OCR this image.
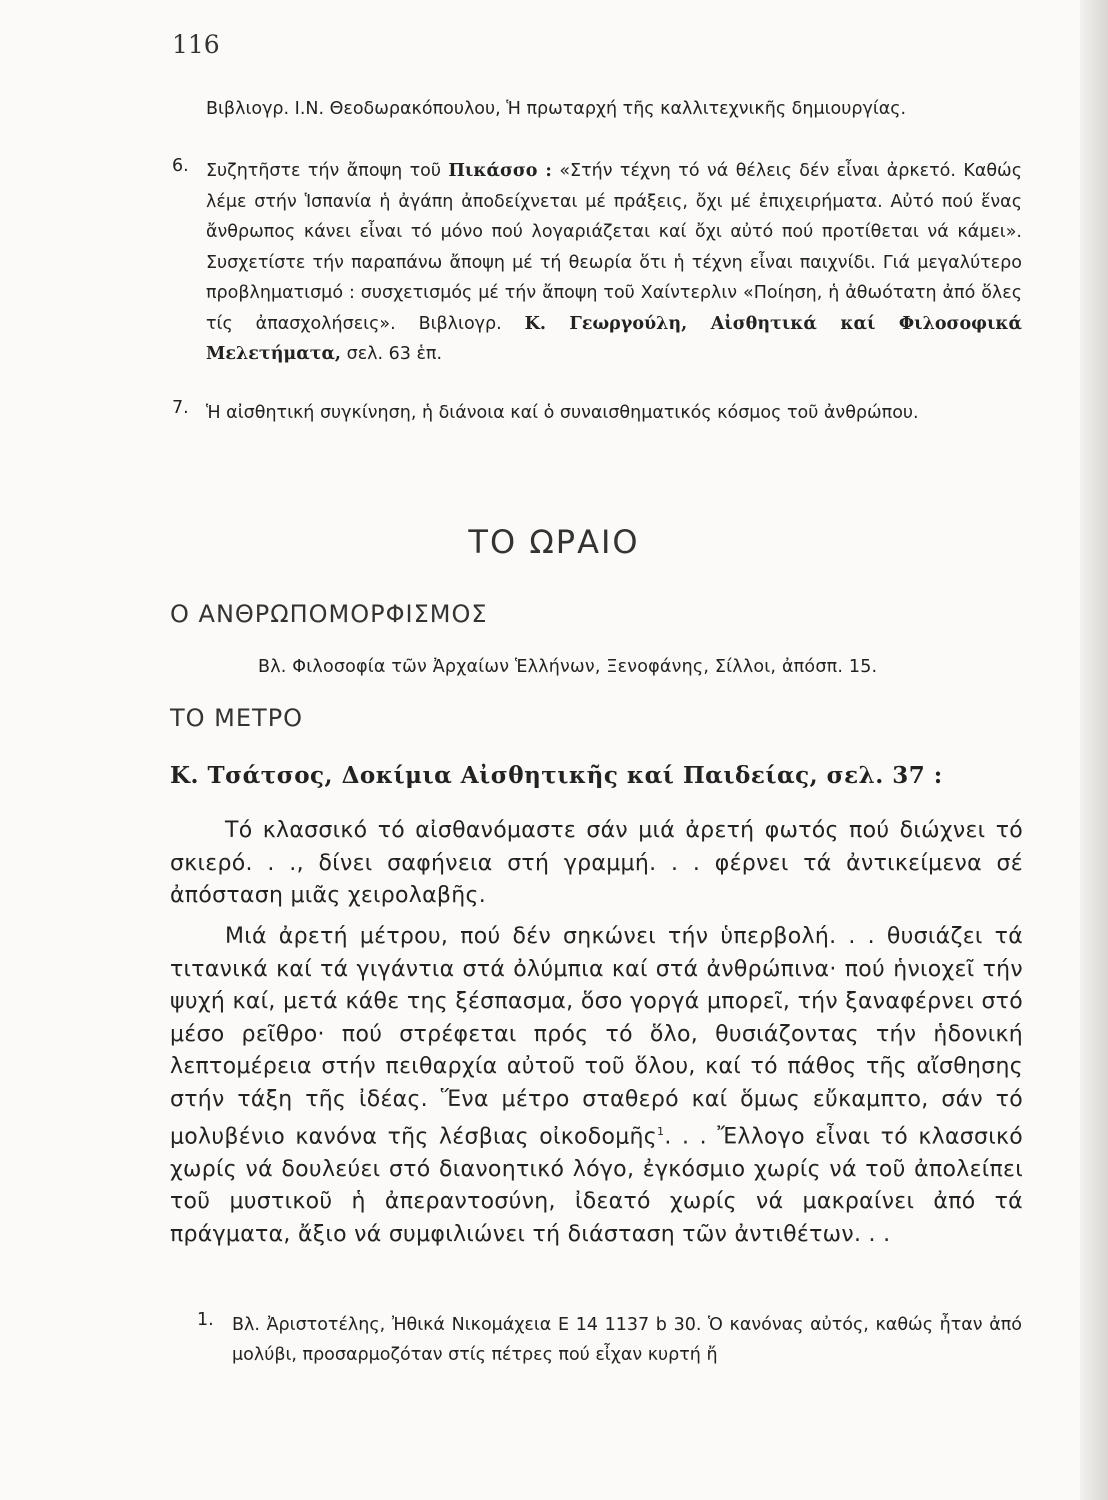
116
Βιβλιογρ. Ι.Ν. Θεοδωρακόπουλου, Ἡ πρωταρχή τῆς καλλιτεχνικῆς δημιουργίας.
6. Συζητῆστε τήν ἄποψη τοῦ Πικάσσο : «Στήν τέχνη τό νά θέλεις δέν εἶναι ἀρκετό. Καθώς λέμε στήν Ἱσπανία ἡ ἀγάπη ἀποδείχνεται μέ πράξεις, ὄχι μέ ἐπιχειρήματα. Αὐτό πού ἕνας ἄνθρωπος κάνει εἶναι τό μόνο πού λογαριάζεται καί ὄχι αὐτό πού προτίθεται νά κάμει». Συσχετίστε τήν παραπάνω ἄποψη μέ τή θεωρία ὅτι ἡ τέχνη εἶναι παιχνίδι. Γιά μεγαλύτερο προβληματισμό : συσχετισμός μέ τήν ἄποψη τοῦ Χαίντερλιν «Ποίηση, ἡ ἀθωότατη ἀπό ὅλες τίς ἀπασχολήσεις». Βιβλιογρ. Κ. Γεωργούλη, Αἰσθητικά καί Φιλοσοφικά Μελετήματα, σελ. 63 ἑπ.
7. Ἡ αἰσθητική συγκίνηση, ἡ διάνοια καί ὁ συναισθηματικός κόσμος τοῦ ἀνθρώπου.
ΤΟ ΩΡΑΙΟ
Ο ΑΝΘΡΩΠΟΜΟΡΦΙΣΜΟΣ
Βλ. Φιλοσοφία τῶν Ἀρχαίων Ἑλλήνων, Ξενοφάνης, Σίλλοι, ἀπόσπ. 15.
ΤΟ ΜΕΤΡΟ
Κ. Τσάτσος, Δοκίμια Αἰσθητικῆς καί Παιδείας, σελ. 37 :
Τό κλασσικό τό αἰσθανόμαστε σάν μιά ἀρετή φωτός πού διώχνει τό σκιερό. . ., δίνει σαφήνεια στή γραμμή. . . φέρνει τά ἀντικείμενα σέ ἀπόσταση μιᾶς χειρολαβῆς.
Μιά ἀρετή μέτρου, πού δέν σηκώνει τήν ὑπερβολή. . . θυσιάζει τά τιτανικά καί τά γιγάντια στά ὀλύμπια καί στά ἀνθρώπινα· πού ἡνιοχεῖ τήν ψυχή καί, μετά κάθε της ξέσπασμα, ὅσο γοργά μπορεῖ, τήν ξαναφέρνει στό μέσο ρεῖθρο· πού στρέφεται πρός τό ὅλο, θυσιάζοντας τήν ἡδονική λεπτομέρεια στήν πειθαρχία αὐτοῦ τοῦ ὅλου, καί τό πάθος τῆς αἴσθησης στήν τάξη τῆς ἰδέας. Ἕνα μέτρο σταθερό καί ὅμως εὔκαμπτο, σάν τό μολυβένιο κανόνα τῆς λέσβιας οἰκοδομῆς$^1$. . . Ἔλλογο εἶναι τό κλασσικό χωρίς νά δουλεύει στό διανοητικό λόγο, ἐγκόσμιο χωρίς νά τοῦ ἀπολείπει τοῦ μυστικοῦ ἡ ἀπεραντοσύνη, ἰδεατό χωρίς νά μακραίνει ἀπό τά πράγματα, ἄξιο νά συμφιλιώνει τή διάσταση τῶν ἀντιθέτων. . .
1. Βλ. Ἀριστοτέλης, Ἠθικά Νικομάχεια Ε 14 1137 b 30. Ὁ κανόνας αὐτός, καθώς ἦταν ἀπό μολύβι, προσαρμοζόταν στίς πέτρες πού εἶχαν κυρτή ἤ
